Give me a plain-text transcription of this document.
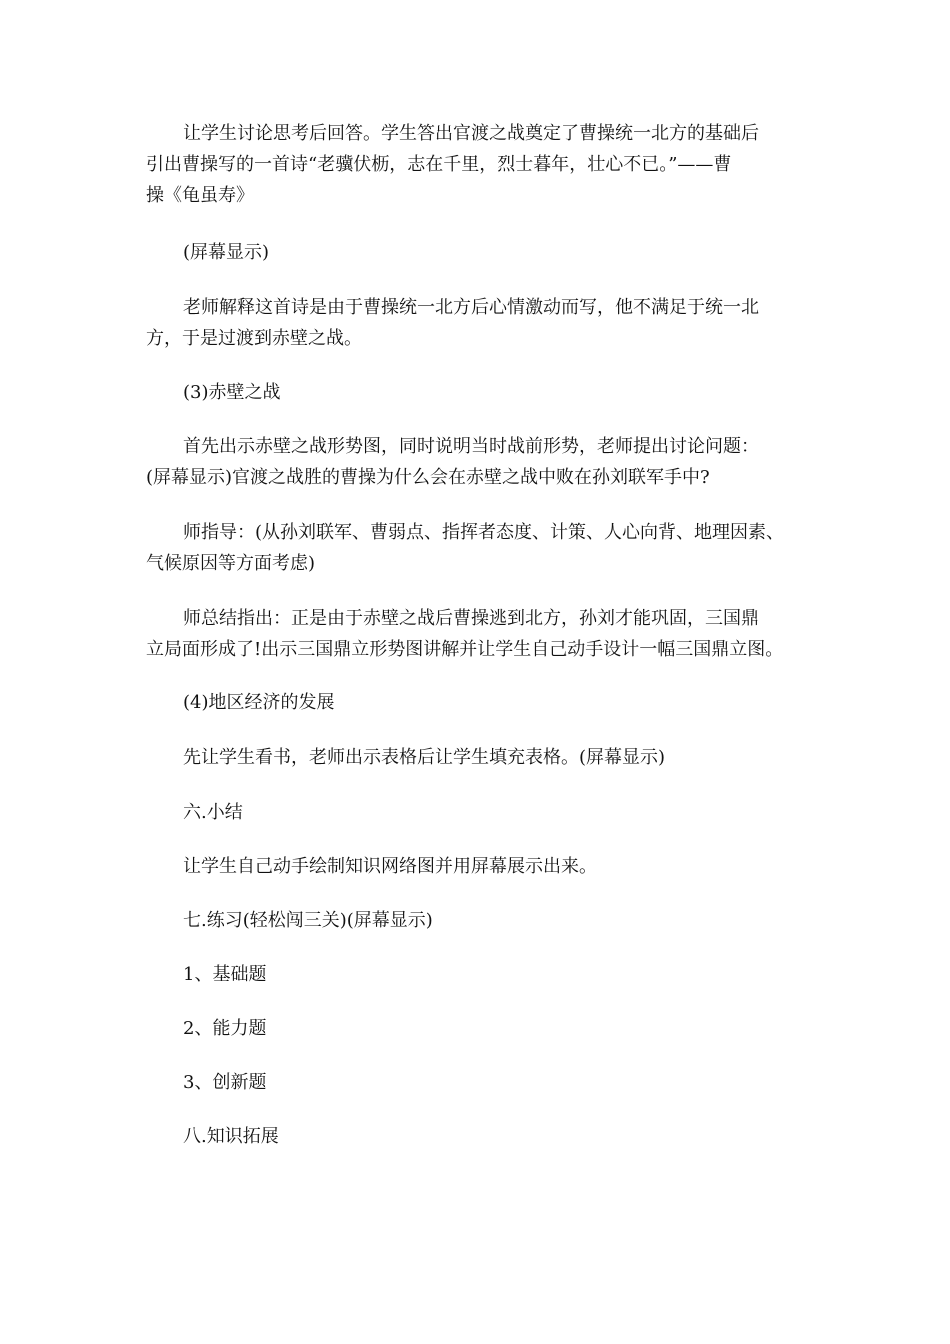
让学生讨论思考后回答。学生答出官渡之战奠定了曹操统一北方的基础后
引出曹操写的一首诗“老骥伏枥，志在千里，烈士暮年，壮心不已。”——曹
操《龟虽寿》

(屏幕显示)

老师解释这首诗是由于曹操统一北方后心情激动而写，他不满足于统一北
方，于是过渡到赤壁之战。

(3)赤壁之战

首先出示赤壁之战形势图，同时说明当时战前形势，老师提出讨论问题：
(屏幕显示)官渡之战胜的曹操为什么会在赤壁之战中败在孙刘联军手中?

师指导：(从孙刘联军、曹弱点、指挥者态度、计策、人心向背、地理因素、
气候原因等方面考虑)

师总结指出：正是由于赤壁之战后曹操逃到北方，孙刘才能巩固，三国鼎
立局面形成了!出示三国鼎立形势图讲解并让学生自己动手设计一幅三国鼎立图。

(4)地区经济的发展

先让学生看书，老师出示表格后让学生填充表格。(屏幕显示)

六.小结

让学生自己动手绘制知识网络图并用屏幕展示出来。

七.练习(轻松闯三关)(屏幕显示)

1、基础题

2、能力题

3、创新题

八.知识拓展
